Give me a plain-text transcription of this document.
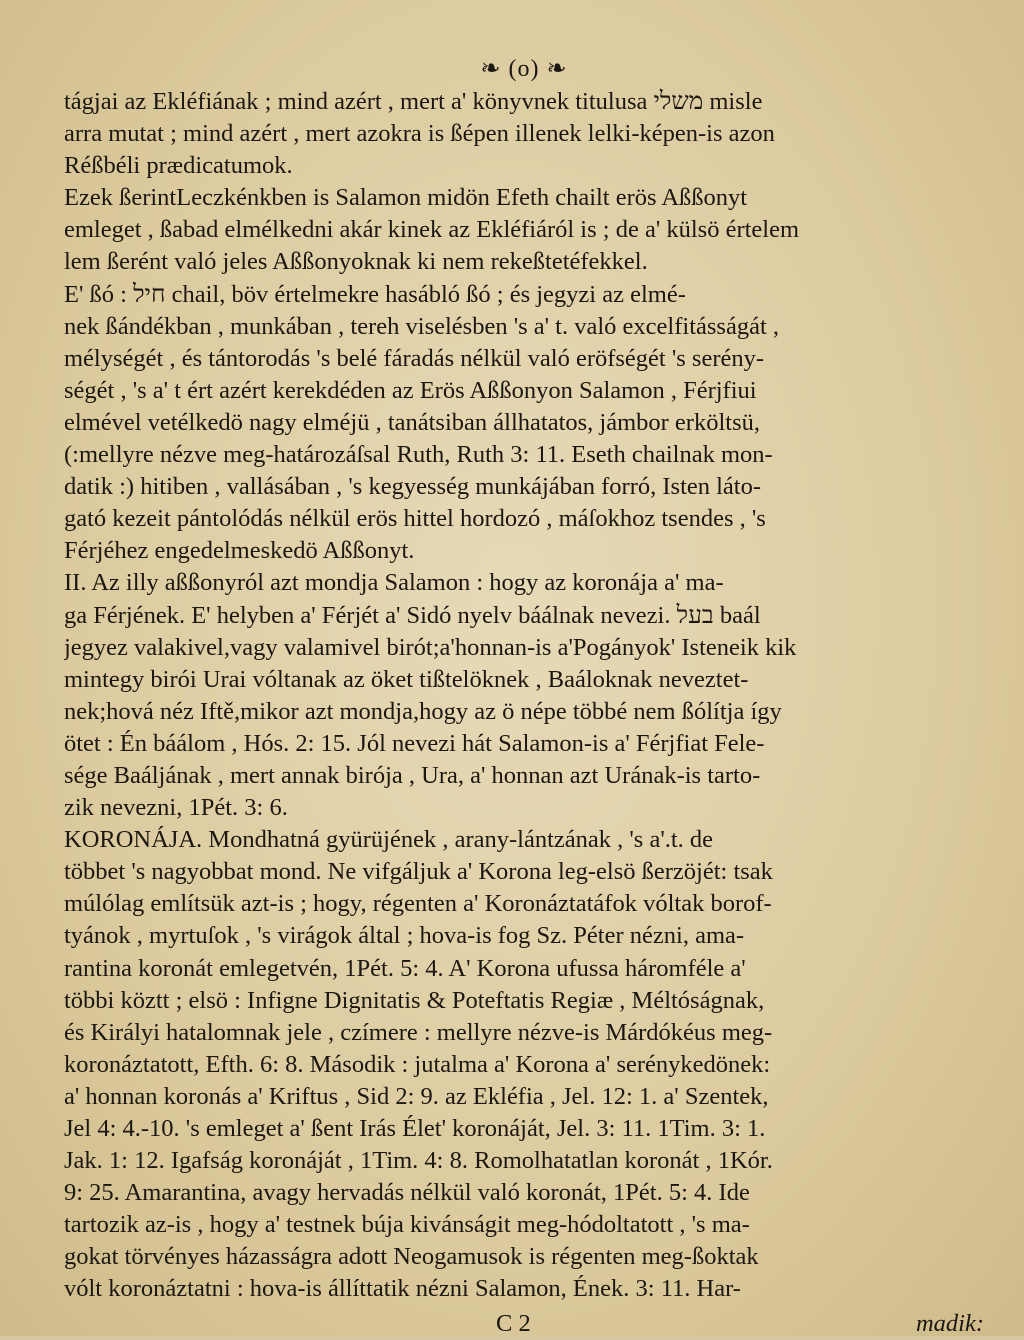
❧ (o) ❧
tágjai az Ekléfiának ; mind azért , mert a' könyvnek titulusa משלי misle
arra mutat ; mind azért , mert azokra is ßépen illenek lelki-képen-is azon
Réßbéli prædicatumok.
Ezek ßerintLeczkénkben is Salamon midön Efeth chailt erös Aßßonyt
emleget , ßabad elmélkedni akár kinek az Ekléfiáról is ; de a' külsö értelem
lem ßerént való jeles Aßßonyoknak ki nem rekeßtetéfekkel.
E' ßó : חיל chail, böv értelmekre hasábló ßó ; és jegyzi az elmé-
nek ßándékban , munkában , tereh viselésben 's a' t. való excelfitásságát ,
mélységét , és tántorodás 's belé fáradás nélkül való eröfségét 's serény-
ségét , 's a' t ért azért kerekdéden az Erös Aßßonyon Salamon , Férjfiui
elmével vetélkedö nagy elméjü , tanátsiban állhatatos, jámbor erköltsü,
(:mellyre nézve meg-határozáſsal Ruth, Ruth 3: 11. Eseth chailnak mon-
datik :) hitiben , vallásában , 's kegyesség munkájában forró, Isten láto-
gató kezeit pántolódás nélkül erös hittel hordozó , máſokhoz tsendes , 's
Férjéhez engedelmeskedö Aßßonyt.
II. Az illy aßßonyról azt mondja Salamon : hogy az koronája a' ma-
ga Férjének. E' helyben a' Férjét a' Sidó nyelv báálnak nevezi. בעל baál
jegyez valakivel,vagy valamivel birót;a'honnan-is a'Pogányok' Isteneik kik
mintegy birói Urai vóltanak az öket tißtelöknek , Baáloknak neveztet-
nek;hová néz Iftě,mikor azt mondja,hogy az ö népe többé nem ßólítja így
ötet : Én báálom , Hós. 2: 15. Jól nevezi hát Salamon-is a' Férjfiat Fele-
sége Baáljának , mert annak birója , Ura, a' honnan azt Urának-is tarto-
zik nevezni, 1Pét. 3: 6.
KORONÁJA. Mondhatná gyürüjének , arany-lántzának , 's a'.t. de
többet 's nagyobbat mond. Ne vifgáljuk a' Korona leg-elsö ßerzöjét: tsak
múlólag említsük azt-is ; hogy, régenten a' Koronáztatáfok vóltak borof-
tyánok , myrtuſok , 's virágok által ; hova-is fog Sz. Péter nézni, ama-
rantina koronát emlegetvén, 1Pét. 5: 4. A' Korona ufussa háromféle a'
többi köztt ; elsö : Infigne Dignitatis & Poteftatis Regiæ , Méltóságnak,
és Királyi hatalomnak jele , czímere : mellyre nézve-is Márdókéus meg-
koronáztatott, Efth. 6: 8. Második : jutalma a' Korona a' serénykedönek:
a' honnan koronás a' Kriftus , Sid 2: 9. az Ekléfia , Jel. 12: 1. a' Szentek,
Jel 4: 4.-10. 's emleget a' ßent Irás Élet' koronáját, Jel. 3: 11. 1Tim. 3: 1.
Jak. 1: 12. Igafság koronáját , 1Tim. 4: 8. Romolhatatlan koronát , 1Kór.
9: 25. Amarantina, avagy hervadás nélkül való koronát, 1Pét. 5: 4. Ide
tartozik az-is , hogy a' testnek búja kivánságit meg-hódoltatott , 's ma-
gokat törvényes házasságra adott Neogamusok is régenten meg-ßoktak
vólt koronáztatni : hova-is állíttatik nézni Salamon, Ének. 3: 11. Har-
C 2	madik:
